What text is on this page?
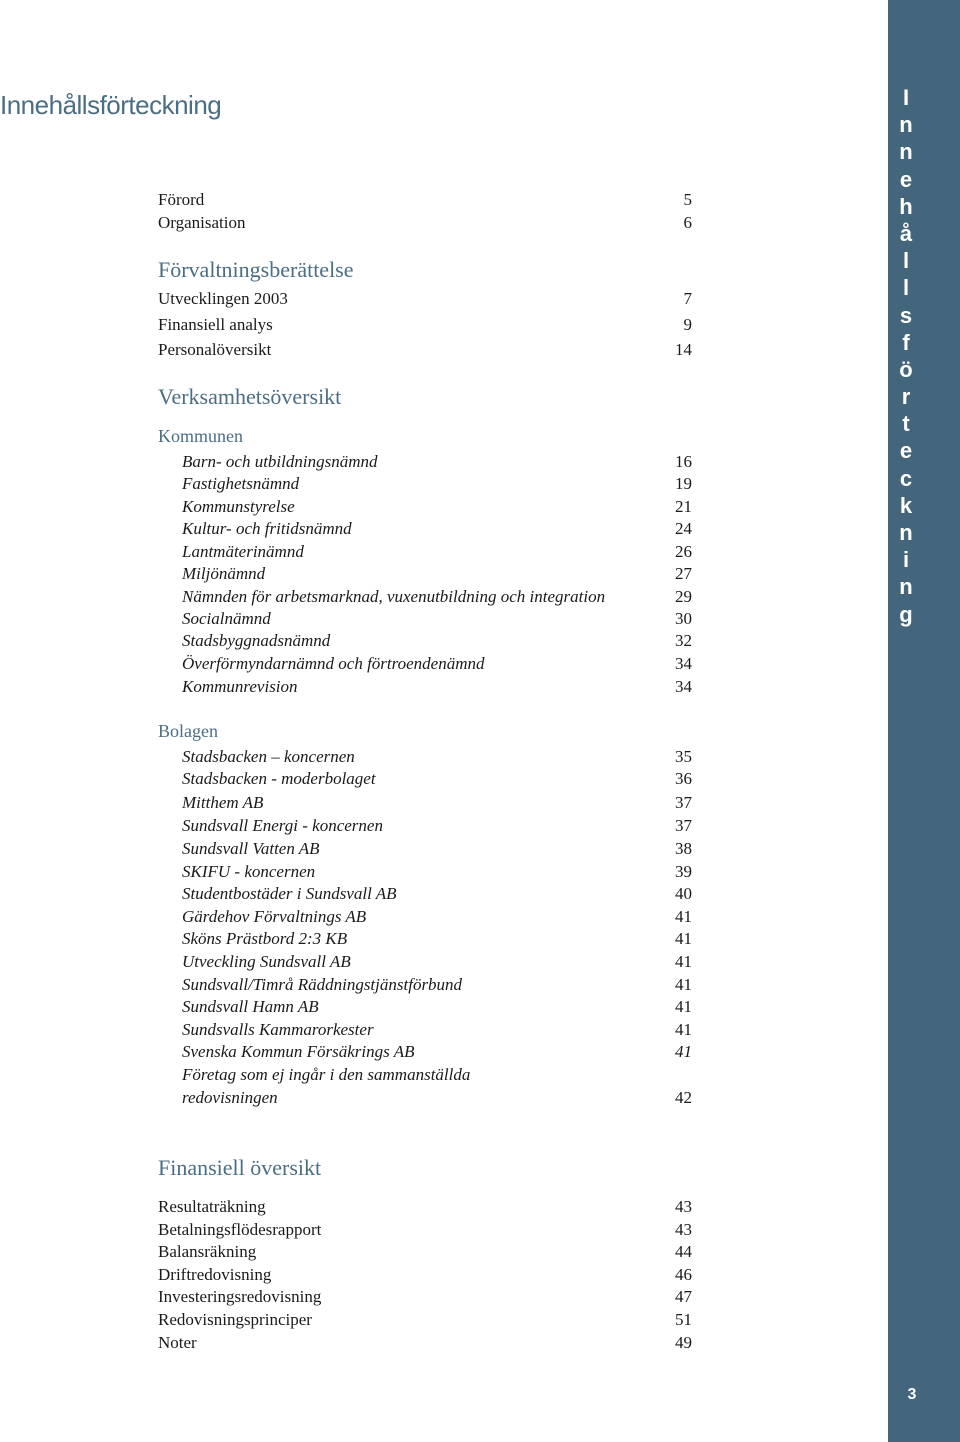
Innehållsförteckning
Förord	5
Organisation	6
Förvaltningsberättelse
Utvecklingen 2003	7
Finansiell analys	9
Personalöversikt	14
Verksamhetsöversikt
Kommunen
Barn- och utbildningsnämnd	16
Fastighetsnämnd	19
Kommunstyrelse	21
Kultur- och fritidsnämnd	24
Lantmäterinämnd	26
Miljönämnd	27
Nämnden för arbetsmarknad, vuxenutbildning och integration	29
Socialnämnd	30
Stadsbyggnadsnämnd	32
Överförmyndarnämnd och förtroendenämnd	34
Kommunrevision	34
Bolagen
Stadsbacken – koncernen	35
Stadsbacken - moderbolaget	36
Mitthem AB	37
Sundsvall Energi - koncernen	37
Sundsvall Vatten AB	38
SKIFU - koncernen	39
Studentbostäder i Sundsvall AB	40
Gärdehov Förvaltnings AB	41
Sköns Prästbord 2:3 KB	41
Utveckling Sundsvall AB	41
Sundsvall/Timrå Räddningstjänstförbund	41
Sundsvall Hamn AB	41
Sundsvalls Kammarorkester	41
Svenska Kommun Försäkrings AB	41
Företag som ej ingår i den sammanställda
redovisningen	42
Finansiell översikt
Resultaträkning	43
Betalningsflödesrapport	43
Balansräkning	44
Driftredovisning	46
Investeringsredovisning	47
Redovisningsprinciper	51
Noter	49
I
n
n
e
h
å
l
l
s
f
ö
r
t
e
c
k
n
i
n
g
3
